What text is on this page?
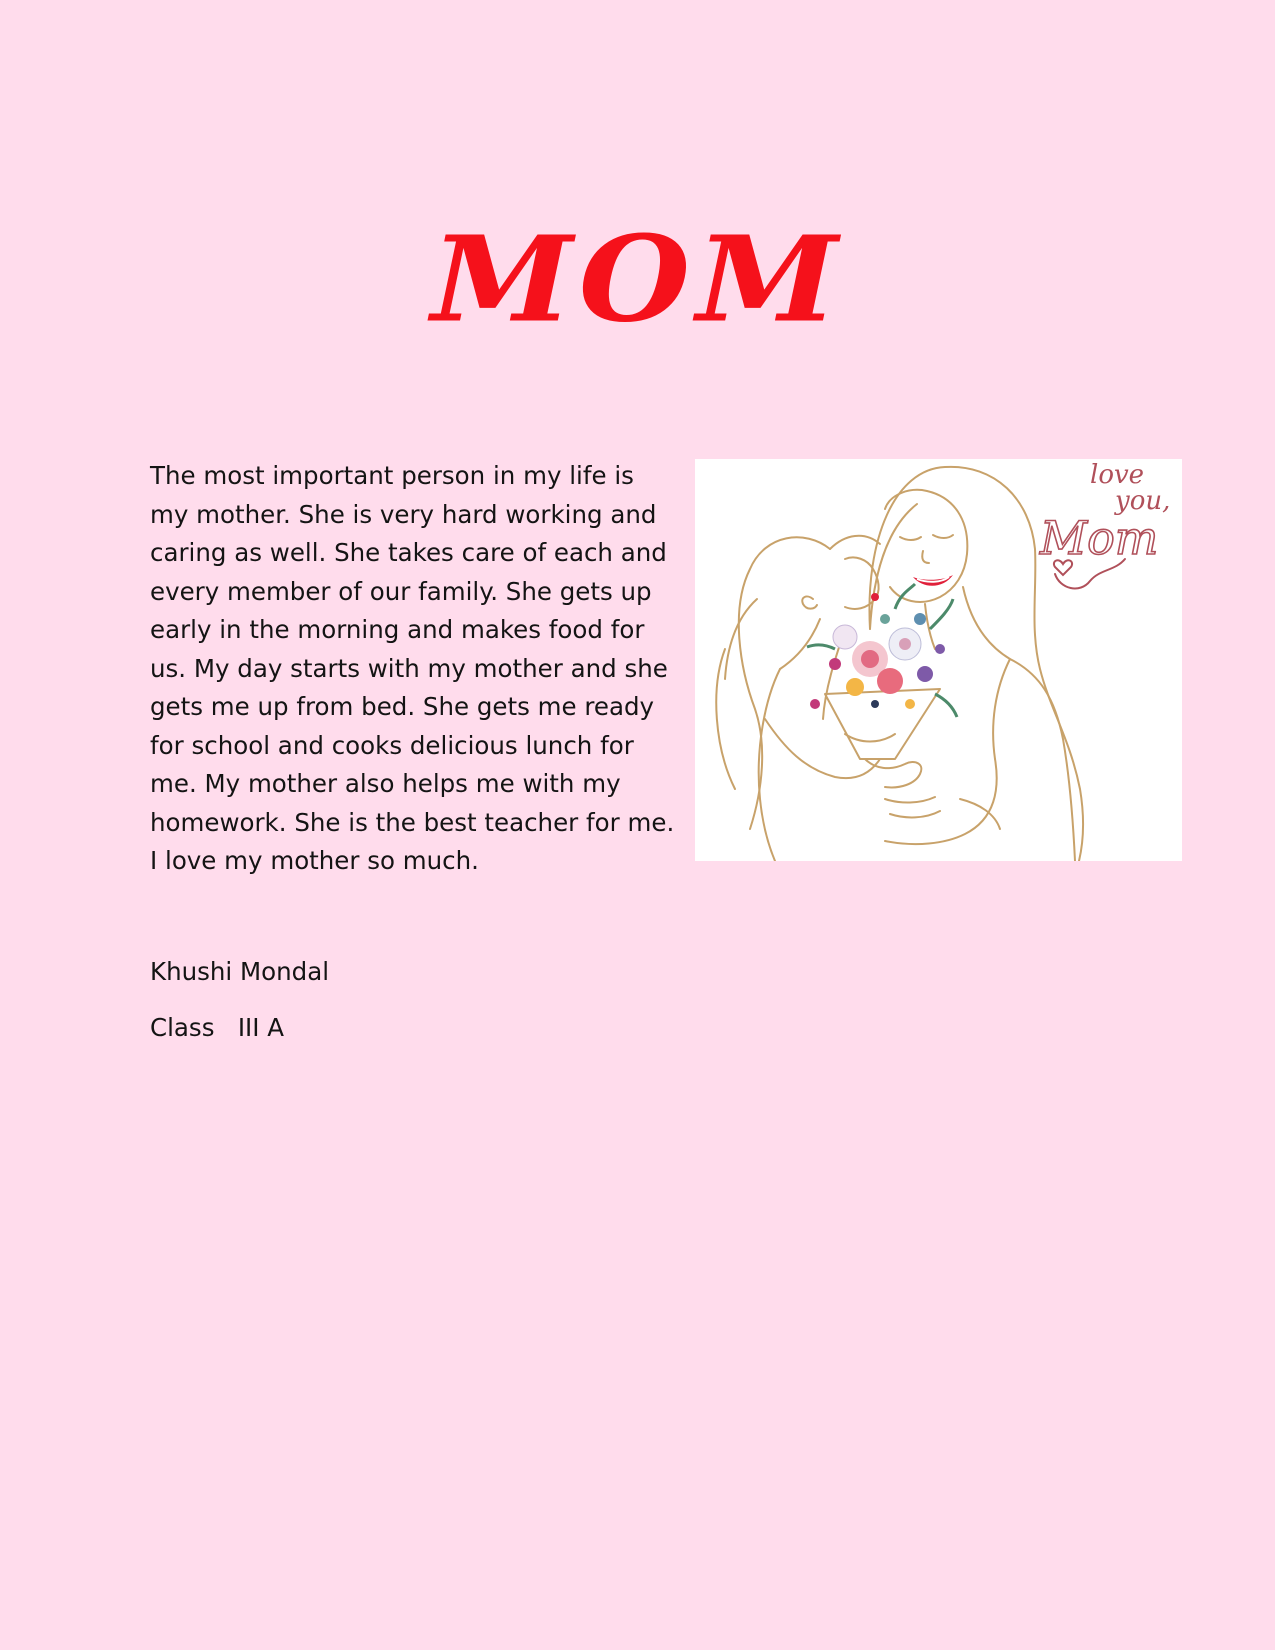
MOM

The most important person in my life is my mother. She is very hard working and caring as well. She takes care of each and every member of our family. She gets up early in the morning and makes food for us. My day starts with my mother and she gets me up from bed. She gets me ready for school and cooks delicious lunch for me. My mother also helps me with my homework. She is the best teacher for me. I love my mother so much.

love
you,
Mom

Khushi Mondal

Class   III A
